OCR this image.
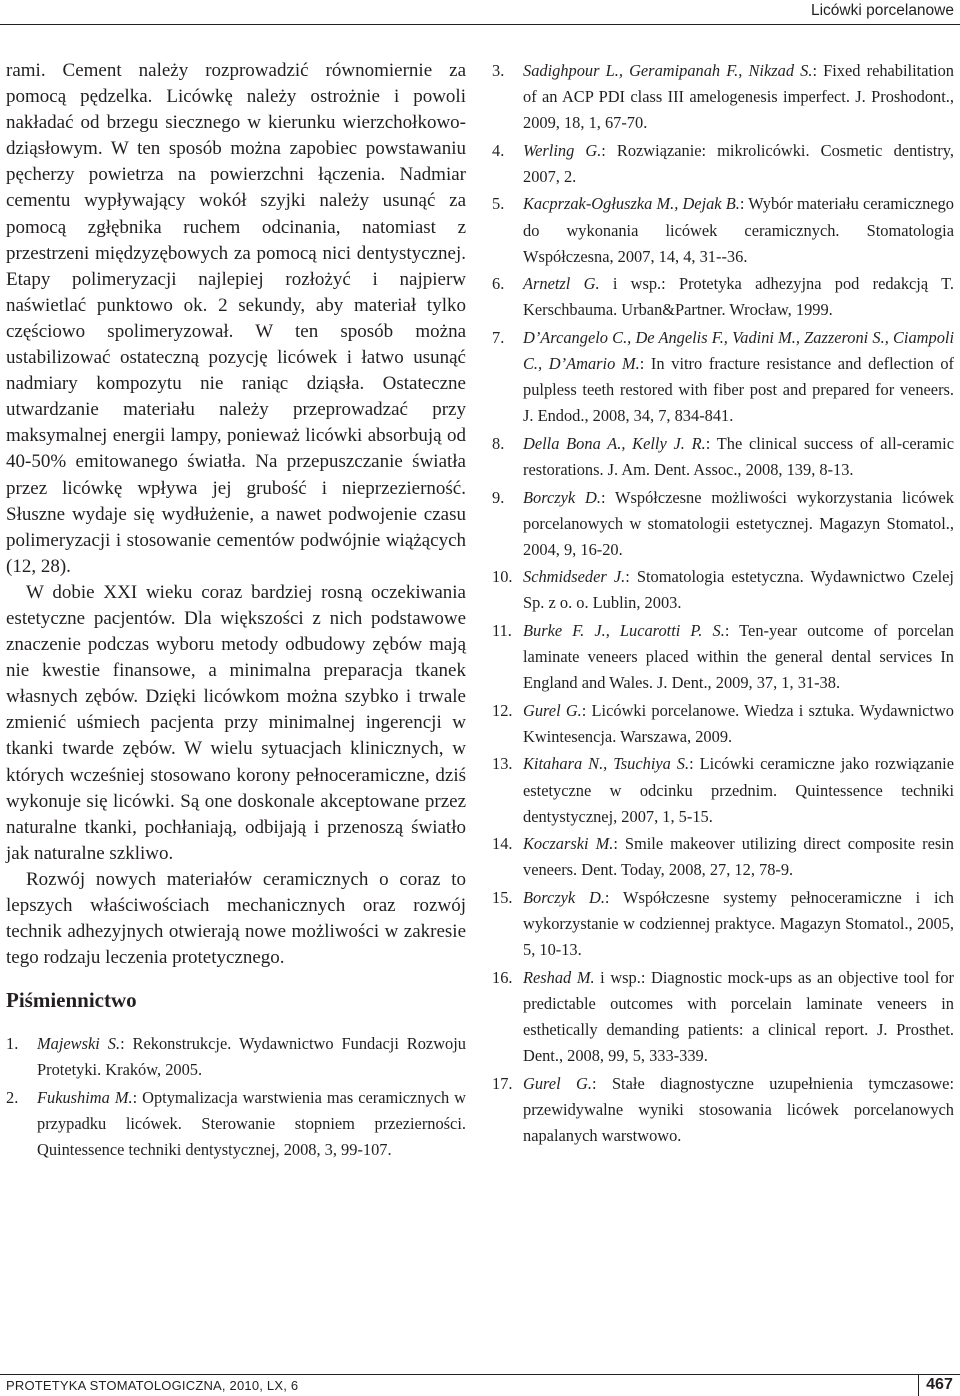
Licówki porcelanowe

rami. Cement należy rozprowadzić równomiernie za pomocą pędzelka. Licówkę należy ostrożnie i powoli nakładać od brzegu siecznego w kierunku wierzchołkowo-dziąsłowym. W ten sposób można zapobiec powstawaniu pęcherzy powietrza na powierzchni łączenia. Nadmiar cementu wypływający wokół szyjki należy usunąć za pomocą zgłębnika ruchem odcinania, natomiast z przestrzeni międzyzębowych za pomocą nici dentystycznej. Etapy polimeryzacji najlepiej rozłożyć i najpierw naświetlać punktowo ok. 2 sekundy, aby materiał tylko częściowo spolimeryzował. W ten sposób można ustabilizować ostateczną pozycję licówek i łatwo usunąć nadmiary kompozytu nie raniąc dziąsła. Ostateczne utwardzanie materiału należy przeprowadzać przy maksymalnej energii lampy, ponieważ licówki absorbują od 40-50% emitowanego światła. Na przepuszczanie światła przez licówkę wpływa jej grubość i nieprzezierność. Słuszne wydaje się wydłużenie, a nawet podwojenie czasu polimeryzacji i stosowanie cementów podwójnie wiążących (12, 28).

W dobie XXI wieku coraz bardziej rosną oczekiwania estetyczne pacjentów. Dla większości z nich podstawowe znaczenie podczas wyboru metody odbudowy zębów mają nie kwestie finansowe, a minimalna preparacja tkanek własnych zębów. Dzięki licówkom można szybko i trwale zmienić uśmiech pacjenta przy minimalnej ingerencji w tkanki twarde zębów. W wielu sytuacjach klinicznych, w których wcześniej stosowano korony pełnoceramiczne, dziś wykonuje się licówki. Są one doskonale akceptowane przez naturalne tkanki, pochłaniają, odbijają i przenoszą światło jak naturalne szkliwo.

Rozwój nowych materiałów ceramicznych o coraz to lepszych właściwościach mechanicznych oraz rozwój technik adhezyjnych otwierają nowe możliwości w zakresie tego rodzaju leczenia protetycznego.

Piśmiennictwo
1. Majewski S.: Rekonstrukcje. Wydawnictwo Fundacji Rozwoju Protetyki. Kraków, 2005.
2. Fukushima M.: Optymalizacja warstwienia mas ceramicznych w przypadku licówek. Sterowanie stopniem przezierności. Quintessence techniki dentystycznej, 2008, 3, 99-107.
3. Sadighpour L., Geramipanah F., Nikzad S.: Fixed rehabilitation of an ACP PDI class III amelogenesis imperfect. J. Proshodont., 2009, 18, 1, 67-70.
4. Werling G.: Rozwiązanie: mikrolicówki. Cosmetic dentistry, 2007, 2.
5. Kacprzak-Ogłuszka M., Dejak B.: Wybór materiału ceramicznego do wykonania licówek ceramicznych. Stomatologia Współczesna, 2007, 14, 4, 31--36.
6. Arnetzl G. i wsp.: Protetyka adhezyjna pod redakcją T. Kerschbauma. Urban&Partner. Wrocław, 1999.
7. D’Arcangelo C., De Angelis F., Vadini M., Zazzeroni S., Ciampoli C., D’Amario M.: In vitro fracture resistance and deflection of pulpless teeth restored with fiber post and prepared for veneers. J. Endod., 2008, 34, 7, 834-841.
8. Della Bona A., Kelly J. R.: The clinical success of all-ceramic restorations. J. Am. Dent. Assoc., 2008, 139, 8-13.
9. Borczyk D.: Współczesne możliwości wykorzystania licówek porcelanowych w stomatologii estetycznej. Magazyn Stomatol., 2004, 9, 16-20.
10. Schmidseder J.: Stomatologia estetyczna. Wydawnictwo Czelej Sp. z o. o. Lublin, 2003.
11. Burke F. J., Lucarotti P. S.: Ten-year outcome of porcelan laminate veneers placed within the general dental services In England and Wales. J. Dent., 2009, 37, 1, 31-38.
12. Gurel G.: Licówki porcelanowe. Wiedza i sztuka. Wydawnictwo Kwintesencja. Warszawa, 2009.
13. Kitahara N., Tsuchiya S.: Licówki ceramiczne jako rozwiązanie estetyczne w odcinku przednim. Quintessence techniki dentystycznej, 2007, 1, 5-15.
14. Koczarski M.: Smile makeover utilizing direct composite resin veneers. Dent. Today, 2008, 27, 12, 78-9.
15. Borczyk D.: Współczesne systemy pełnoceramiczne i ich wykorzystanie w codziennej praktyce. Magazyn Stomatol., 2005, 5, 10-13.
16. Reshad M. i wsp.: Diagnostic mock-ups as an objective tool for predictable outcomes with porcelain laminate veneers in esthetically demanding patients: a clinical report. J. Prosthet. Dent., 2008, 99, 5, 333-339.
17. Gurel G.: Stałe diagnostyczne uzupełnienia tymczasowe: przewidywalne wyniki stosowania licówek porcelanowych napalanych warstwowo.
PROTETYKA STOMATOLOGICZNA, 2010, LX, 6	467
